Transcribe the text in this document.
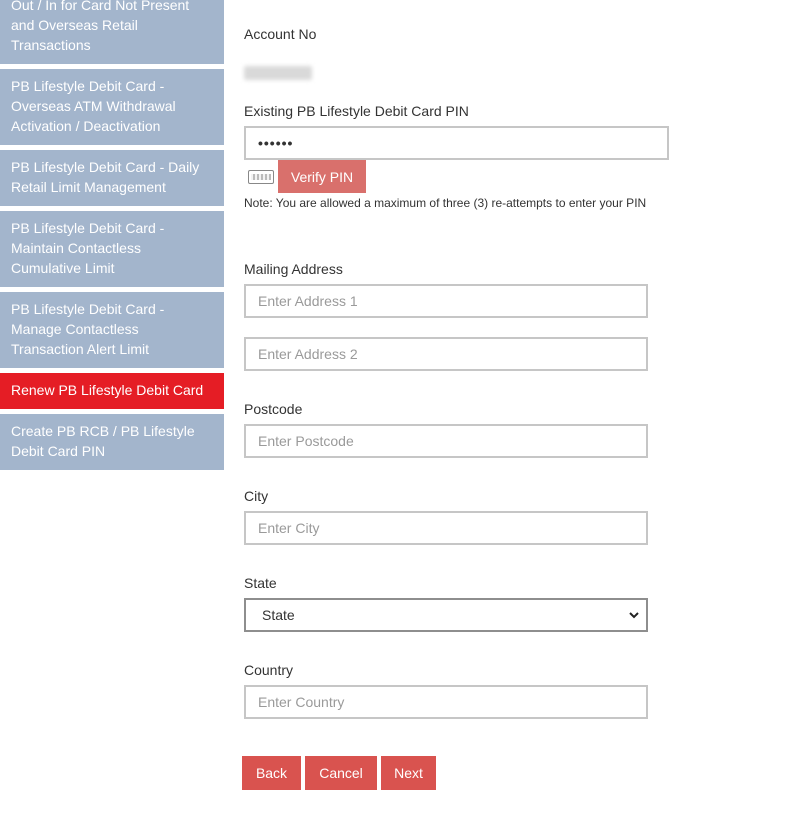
Out / In for Card Not Present and Overseas Retail Transactions
PB Lifestyle Debit Card - Overseas ATM Withdrawal Activation / Deactivation
PB Lifestyle Debit Card - Daily Retail Limit Management
PB Lifestyle Debit Card - Maintain Contactless Cumulative Limit
PB Lifestyle Debit Card - Manage Contactless Transaction Alert Limit
Renew PB Lifestyle Debit Card
Create PB RCB / PB Lifestyle Debit Card PIN
Account No
Existing PB Lifestyle Debit Card PIN
••••••
Verify PIN
Note: You are allowed a maximum of three (3) re-attempts to enter your PIN
Mailing Address
Enter Address 1
Enter Address 2
Postcode
Enter Postcode
City
Enter City
State
State
Country
Enter Country
Back	Cancel	Next
